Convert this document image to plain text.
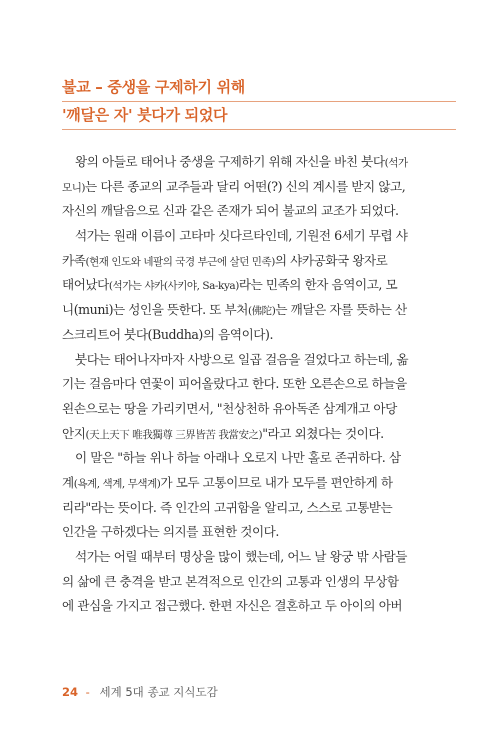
불교 – 중생을 구제하기 위해
'깨달은 자' 붓다가 되었다
왕의 아들로 태어나 중생을 구제하기 위해 자신을 바친 붓다(석가
모니)는 다른 종교의 교주들과 달리 어떤(?) 신의 계시를 받지 않고,
자신의 깨달음으로 신과 같은 존재가 되어 불교의 교조가 되었다.
석가는 원래 이름이 고타마 싯다르타인데, 기원전 6세기 무렵 샤
카족(현재 인도와 네팔의 국경 부근에 살던 민족)의 샤카공화국 왕자로
태어났다(석가는 샤카(사키야, Sa-kya)라는 민족의 한자 음역이고, 모
니(muni)는 성인을 뜻한다. 또 부처(佛陀)는 깨달은 자를 뜻하는 산
스크리트어 붓다(Buddha)의 음역이다).
붓다는 태어나자마자 사방으로 일곱 걸음을 걸었다고 하는데, 옮
기는 걸음마다 연꽃이 피어올랐다고 한다. 또한 오른손으로 하늘을
왼손으로는 땅을 가리키면서, "천상천하 유아독존 삼계개고 아당
안지(天上天下 唯我獨尊 三界皆苦 我當安之)"라고 외쳤다는 것이다.
이 말은 "하늘 위나 하늘 아래나 오로지 나만 홀로 존귀하다. 삼
계(욕계, 색계, 무색계)가 모두 고통이므로 내가 모두를 편안하게 하
리라"라는 뜻이다. 즉 인간의 고귀함을 알리고, 스스로 고통받는
인간을 구하겠다는 의지를 표현한 것이다.
석가는 어릴 때부터 명상을 많이 했는데, 어느 날 왕궁 밖 사람들
의 삶에 큰 충격을 받고 본격적으로 인간의 고통과 인생의 무상함
에 관심을 가지고 접근했다. 한편 자신은 결혼하고 두 아이의 아버
24 - 세계 5대 종교 지식도감
